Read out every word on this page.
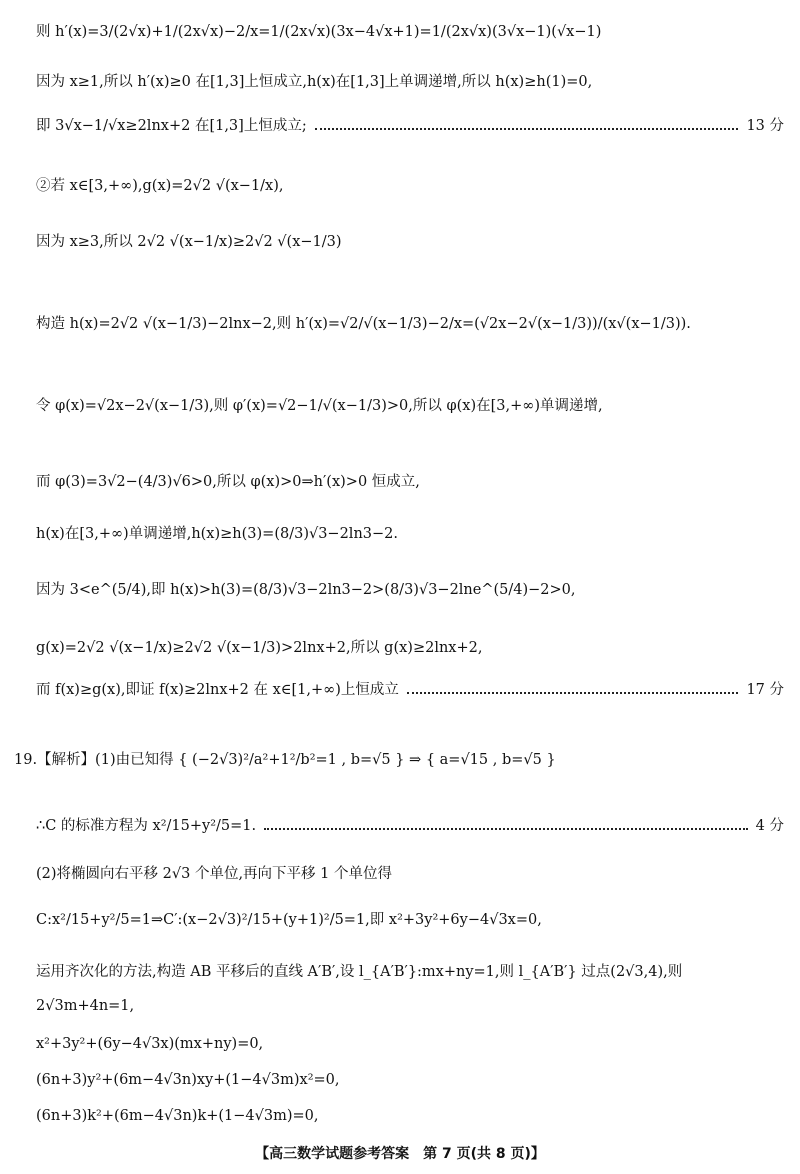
则 h′(x)=3/(2√x)+1/(2x√x)−2/x=1/(2x√x)(3x−4√x+1)=1/(2x√x)(3√x−1)(√x−1)
因为 x≥1,所以 h′(x)≥0 在[1,3]上恒成立,h(x)在[1,3]上单调递增,所以 h(x)≥h(1)=0,
即 3√x−1/√x≥2lnx+2 在[1,3]上恒成立;	13 分
②若 x∈[3,+∞),g(x)=2√2 √(x−1/x),
因为 x≥3,所以 2√2 √(x−1/x)≥2√2 √(x−1/3)
构造 h(x)=2√2 √(x−1/3)−2lnx−2,则 h′(x)=√2/√(x−1/3)−2/x=(√2x−2√(x−1/3))/(x√(x−1/3)).
令 φ(x)=√2x−2√(x−1/3),则 φ′(x)=√2−1/√(x−1/3)>0,所以 φ(x)在[3,+∞)单调递增,
而 φ(3)=3√2−(4/3)√6>0,所以 φ(x)>0⇒h′(x)>0 恒成立,
h(x)在[3,+∞)单调递增,h(x)≥h(3)=(8/3)√3−2ln3−2.
因为 3<e^(5/4),即 h(x)>h(3)=(8/3)√3−2ln3−2>(8/3)√3−2lne^(5/4)−2>0,
g(x)=2√2 √(x−1/x)≥2√2 √(x−1/3)>2lnx+2,所以 g(x)≥2lnx+2,
而 f(x)≥g(x),即证 f(x)≥2lnx+2 在 x∈[1,+∞)上恒成立	17 分
19.【解析】(1)由已知得 { (−2√3)²/a²+1²/b²=1 , b=√5 } ⇒ { a=√15 , b=√5 }
∴C 的标准方程为 x²/15+y²/5=1.	4 分
(2)将椭圆向右平移 2√3 个单位,再向下平移 1 个单位得
C:x²/15+y²/5=1⇒C′:(x−2√3)²/15+(y+1)²/5=1,即 x²+3y²+6y−4√3x=0,
运用齐次化的方法,构造 AB 平移后的直线 A′B′,设 l_{A′B′}:mx+ny=1,则 l_{A′B′} 过点(2√3,4),则
2√3m+4n=1,
x²+3y²+(6y−4√3x)(mx+ny)=0,
(6n+3)y²+(6m−4√3n)xy+(1−4√3m)x²=0,
(6n+3)k²+(6m−4√3n)k+(1−4√3m)=0,
【高三数学试题参考答案　第 7 页(共 8 页)】
